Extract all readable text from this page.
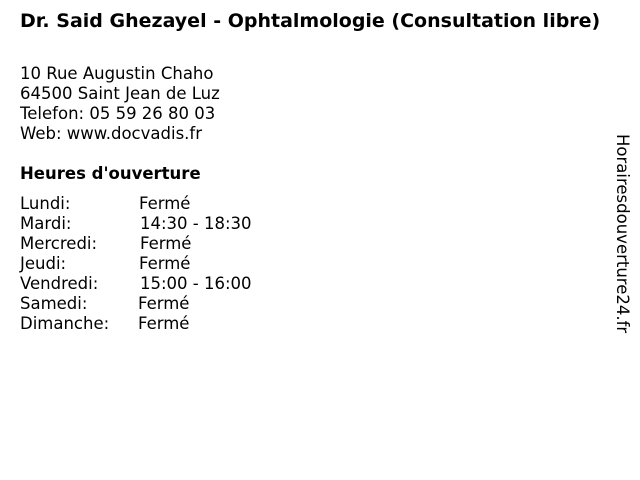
Dr. Said Ghezayel - Ophtalmologie (Consultation libre)
10 Rue Augustin Chaho
64500 Saint Jean de Luz
Telefon: 05 59 26 80 03
Web: www.docvadis.fr
Heures d'ouverture
Lundi:	Fermé
Mardi:	14:30 - 18:30
Mercredi:	Fermé
Jeudi:	Fermé
Vendredi:	15:00 - 16:00
Samedi:	Fermé
Dimanche:	Fermé	Horairesdouverture24.fr
